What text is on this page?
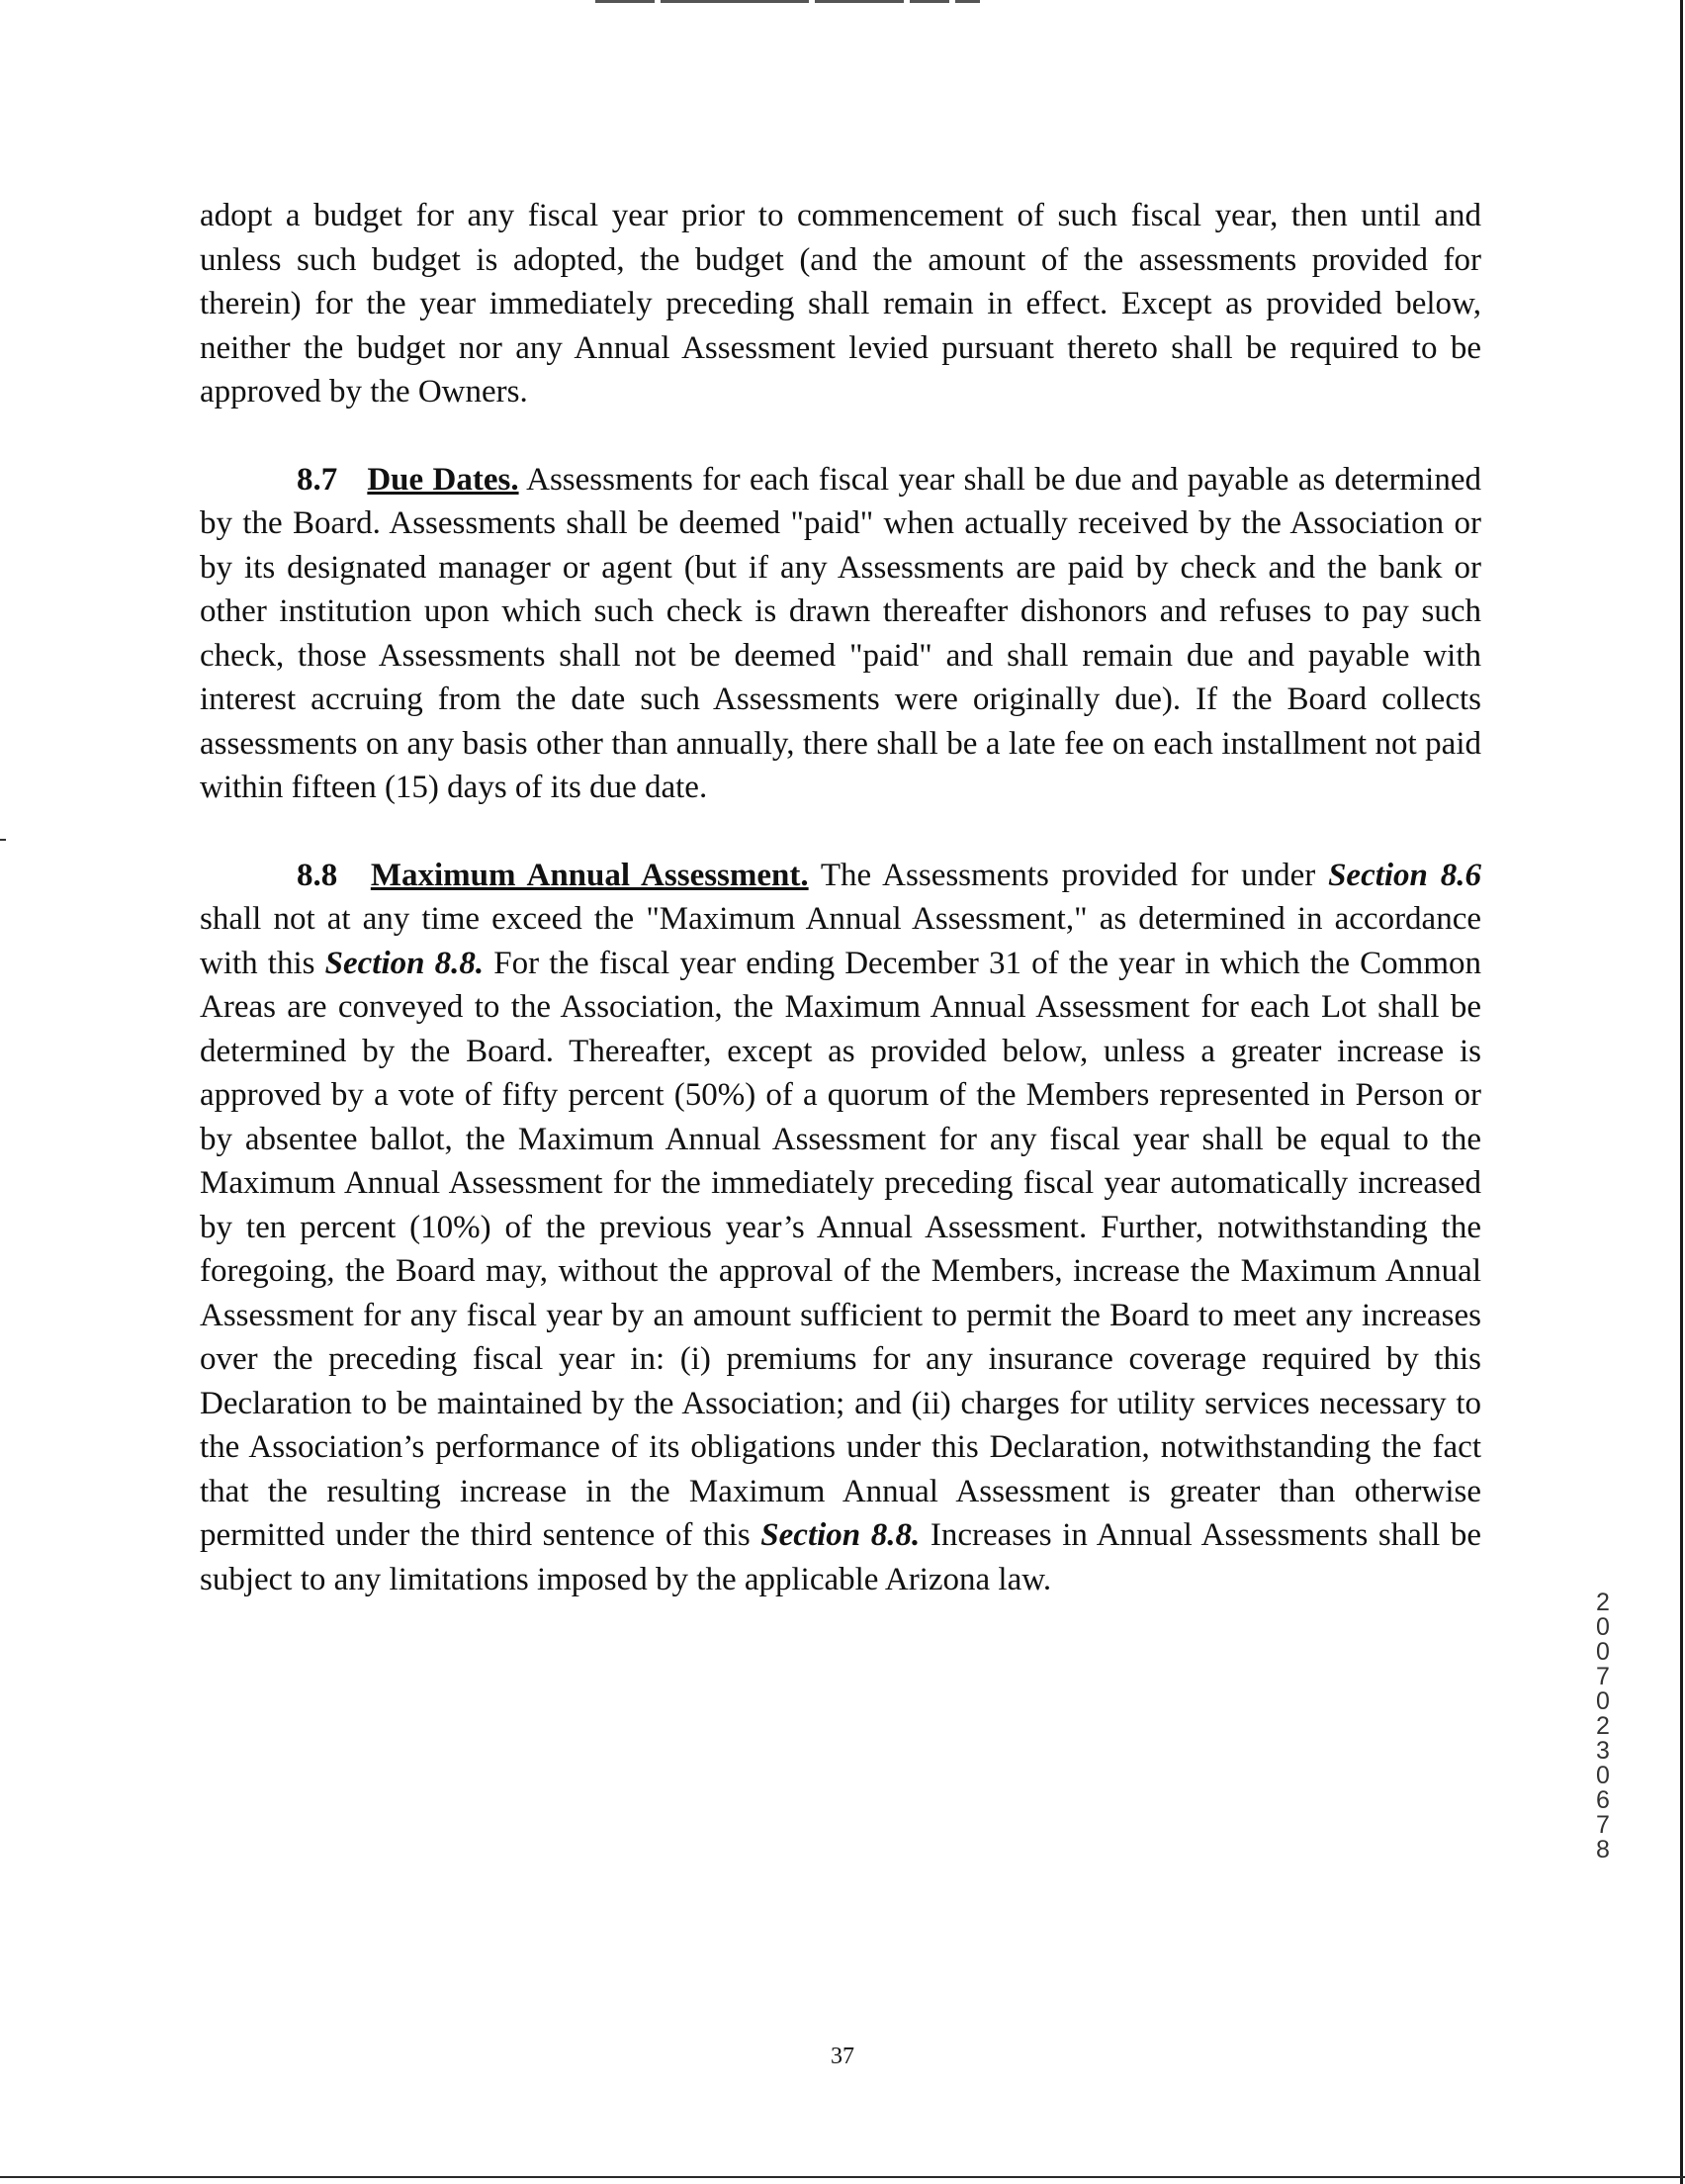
adopt a budget for any fiscal year prior to commencement of such fiscal year, then until and unless such budget is adopted, the budget (and the amount of the assessments provided for therein) for the year immediately preceding shall remain in effect. Except as provided below, neither the budget nor any Annual Assessment levied pursuant thereto shall be required to be approved by the Owners.

8.7 Due Dates. Assessments for each fiscal year shall be due and payable as determined by the Board. Assessments shall be deemed "paid" when actually received by the Association or by its designated manager or agent (but if any Assessments are paid by check and the bank or other institution upon which such check is drawn thereafter dishonors and refuses to pay such check, those Assessments shall not be deemed "paid" and shall remain due and payable with interest accruing from the date such Assessments were originally due). If the Board collects assessments on any basis other than annually, there shall be a late fee on each installment not paid within fifteen (15) days of its due date.

8.8 Maximum Annual Assessment. The Assessments provided for under Section 8.6 shall not at any time exceed the "Maximum Annual Assessment," as determined in accordance with this Section 8.8. For the fiscal year ending December 31 of the year in which the Common Areas are conveyed to the Association, the Maximum Annual Assessment for each Lot shall be determined by the Board. Thereafter, except as provided below, unless a greater increase is approved by a vote of fifty percent (50%) of a quorum of the Members represented in Person or by absentee ballot, the Maximum Annual Assessment for any fiscal year shall be equal to the Maximum Annual Assessment for the immediately preceding fiscal year automatically increased by ten percent (10%) of the previous year’s Annual Assessment. Further, notwithstanding the foregoing, the Board may, without the approval of the Members, increase the Maximum Annual Assessment for any fiscal year by an amount sufficient to permit the Board to meet any increases over the preceding fiscal year in: (i) premiums for any insurance coverage required by this Declaration to be maintained by the Association; and (ii) charges for utility services necessary to the Association’s performance of its obligations under this Declaration, notwithstanding the fact that the resulting increase in the Maximum Annual Assessment is greater than otherwise permitted under the third sentence of this Section 8.8. Increases in Annual Assessments shall be subject to any limitations imposed by the applicable Arizona law.

37
20070230678
